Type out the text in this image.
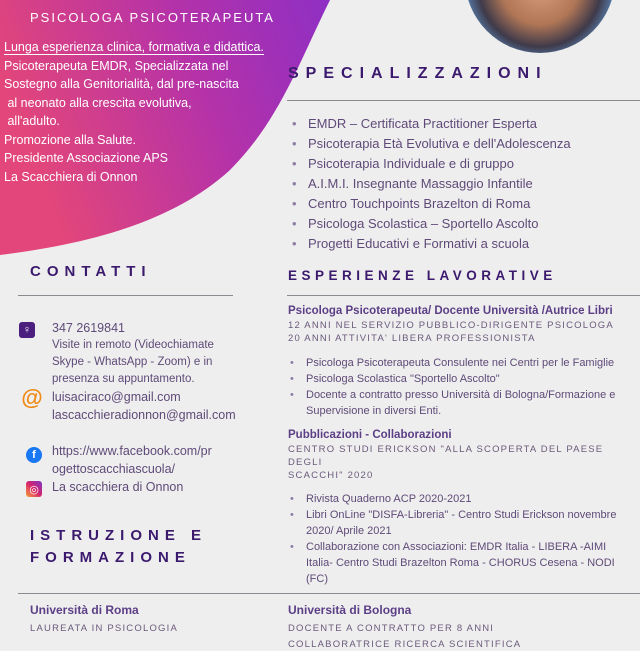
PSICOLOGA PSICOTERAPEUTA
Lunga esperienza clinica, formativa e didattica.
Psicoterapeuta EMDR, Specializzata nel
Sostegno alla Genitorialità, dal pre-nascita
al neonato alla crescita evolutiva,
all'adulto.
Promozione alla Salute.
Presidente Associazione APS
La Scacchiera di Onnon
SPECIALIZZAZIONI
• EMDR – Certificata Practitioner Esperta
• Psicoterapia Età Evolutiva e dell'Adolescenza
• Psicoterapia Individuale e di gruppo
• A.I.M.I. Insegnante Massaggio Infantile
• Centro Touchpoints Brazelton di Roma
• Psicologa Scolastica – Sportello Ascolto
• Progetti Educativi e Formativi a scuola
CONTATTI
♀	347 2619841
Visite in remoto (Videochiamate
Skype - WhatsApp - Zoom) e in
presenza su appuntamento.
luisaciraco@gmail.com
lascacchieradionnon@gmail.com
https://www.facebook.com/pr
ogettoscacchiascuola/
La scacchiera di Onnon
@
f
◎
ISTRUZIONE E
FORMAZIONE
ESPERIENZE LAVORATIVE
Psicologa Psicoterapeuta/ Docente Università /Autrice Libri
12 ANNI NEL SERVIZIO PUBBLICO-DIRIGENTE PSICOLOGA
20 ANNI ATTIVITA' LIBERA PROFESSIONISTA
• Psicologa Psicoterapeuta Consulente nei Centri per le Famiglie
• Psicologa Scolastica "Sportello Ascolto"
• Docente a contratto presso Università di Bologna/Formazione e Supervisione in diversi Enti.
Pubblicazioni - Collaborazioni
CENTRO STUDI ERICKSON "ALLA SCOPERTA DEL PAESE DEGLI
SCACCHI" 2020
• Rivista Quaderno ACP 2020-2021
• Libri OnLine "DISFA-Libreria" - Centro Studi Erickson novembre 2020/ Aprile 2021
• Collaborazione con Associazioni: EMDR Italia - LIBERA -AIMI Italia- Centro Studi Brazelton Roma - CHORUS Cesena - NODI (FC)
Università di Roma
LAUREATA IN PSICOLOGIA
Università di Bologna
DOCENTE A CONTRATTO PER 8 ANNI
COLLABORATRICE RICERCA SCIENTIFICA
